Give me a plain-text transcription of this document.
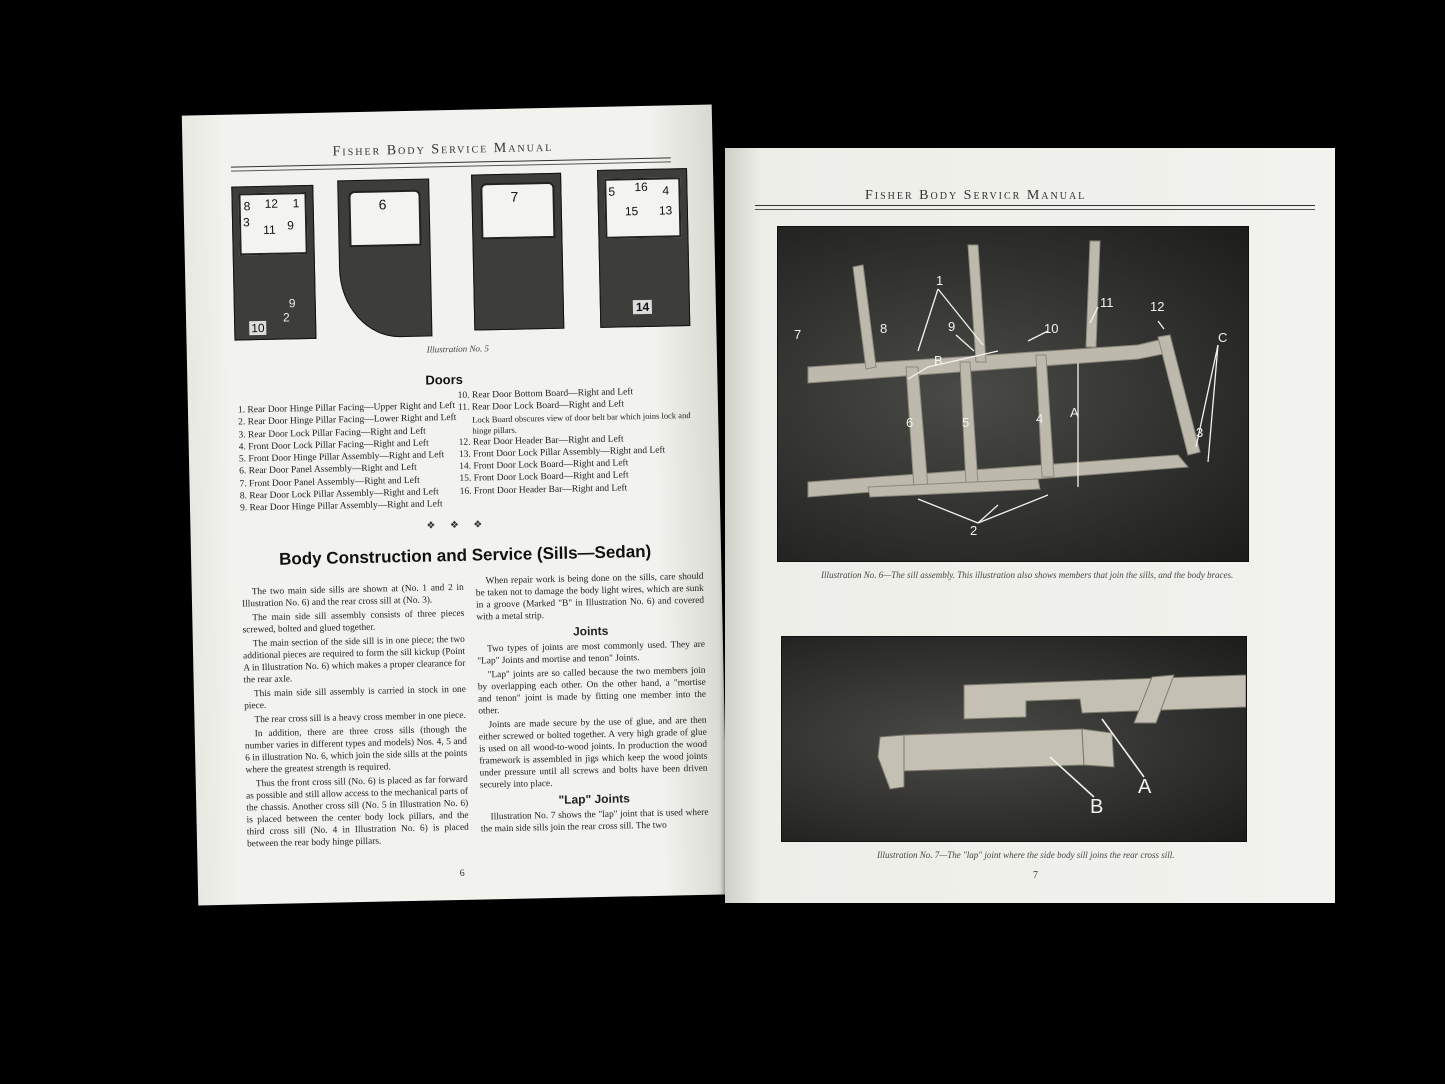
Fisher Body Service Manual
8 12 1
3
11 9
9
2
10
6	7	5 16 4
15 13
14
Illustration No. 5
Doors
1. Rear Door Hinge Pillar Facing—Upper Right and Left
2. Rear Door Hinge Pillar Facing—Lower Right and Left
3. Rear Door Lock Pillar Facing—Right and Left
4. Front Door Lock Pillar Facing—Right and Left
5. Front Door Hinge Pillar Assembly—Right and Left
6. Rear Door Panel Assembly—Right and Left
7. Front Door Panel Assembly—Right and Left
8. Rear Door Lock Pillar Assembly—Right and Left
9. Rear Door Hinge Pillar Assembly—Right and Left
10. Rear Door Bottom Board—Right and Left
11. Rear Door Lock Board—Right and Left
Lock Board obscures view of door belt bar which joins lock and hinge pillars.
12. Rear Door Header Bar—Right and Left
13. Front Door Lock Pillar Assembly—Right and Left
14. Front Door Lock Board—Right and Left
15. Front Door Lock Board—Right and Left
16. Front Door Header Bar—Right and Left
❖ ❖ ❖
Body Construction and Service (Sills—Sedan)

The two main side sills are shown at (No. 1 and 2 in Illustration No. 6) and the rear cross sill at (No. 3).

The main side sill assembly consists of three pieces screwed, bolted and glued together.

The main section of the side sill is in one piece; the two additional pieces are required to form the sill kickup (Point A in Illustration No. 6) which makes a proper clearance for the rear axle.

This main side sill assembly is carried in stock in one piece.

The rear cross sill is a heavy cross member in one piece.

In addition, there are three cross sills (though the number varies in different types and models) Nos. 4, 5 and 6 in illustration No. 6, which join the side sills at the points where the greatest strength is required.

Thus the front cross sill (No. 6) is placed as far forward as possible and still allow access to the mechanical parts of the chassis. Another cross sill (No. 5 in Illustration No. 6) is placed between the center body lock pillars, and the third cross sill (No. 4 in Illustration No. 6) is placed between the rear body hinge pillars.

When repair work is being done on the sills, care should be taken not to damage the body light wires, which are sunk in a groove (Marked "B" in Illustration No. 6) and covered with a metal strip.

Joints

Two types of joints are most commonly used. They are "Lap" Joints and mortise and tenon" Joints.

"Lap" joints are so called because the two members join by overlapping each other. On the other hand, a "mortise and tenon" joint is made by fitting one member into the other.

Joints are made secure by the use of glue, and are then either screwed or bolted together. A very high grade of glue is used on all wood-to-wood joints. In production the wood framework is assembled in jigs which keep the wood joints under pressure until all screws and bolts have been driven securely into place.

"Lap" Joints

Illustration No. 7 shows the "lap" joint that is used where the main side sills join the rear cross sill. The two

6
Fisher Body Servicr Manual
1
7	8	9	10
11	12
C
B
A
6	5	4
3
2
Illustration No. 6—The sill assembly. This illustration also shows members that join the sills, and the body braces.
A
B
Illustration No. 7—The "lap" joint where the side body sill joins the rear cross sill.
7
